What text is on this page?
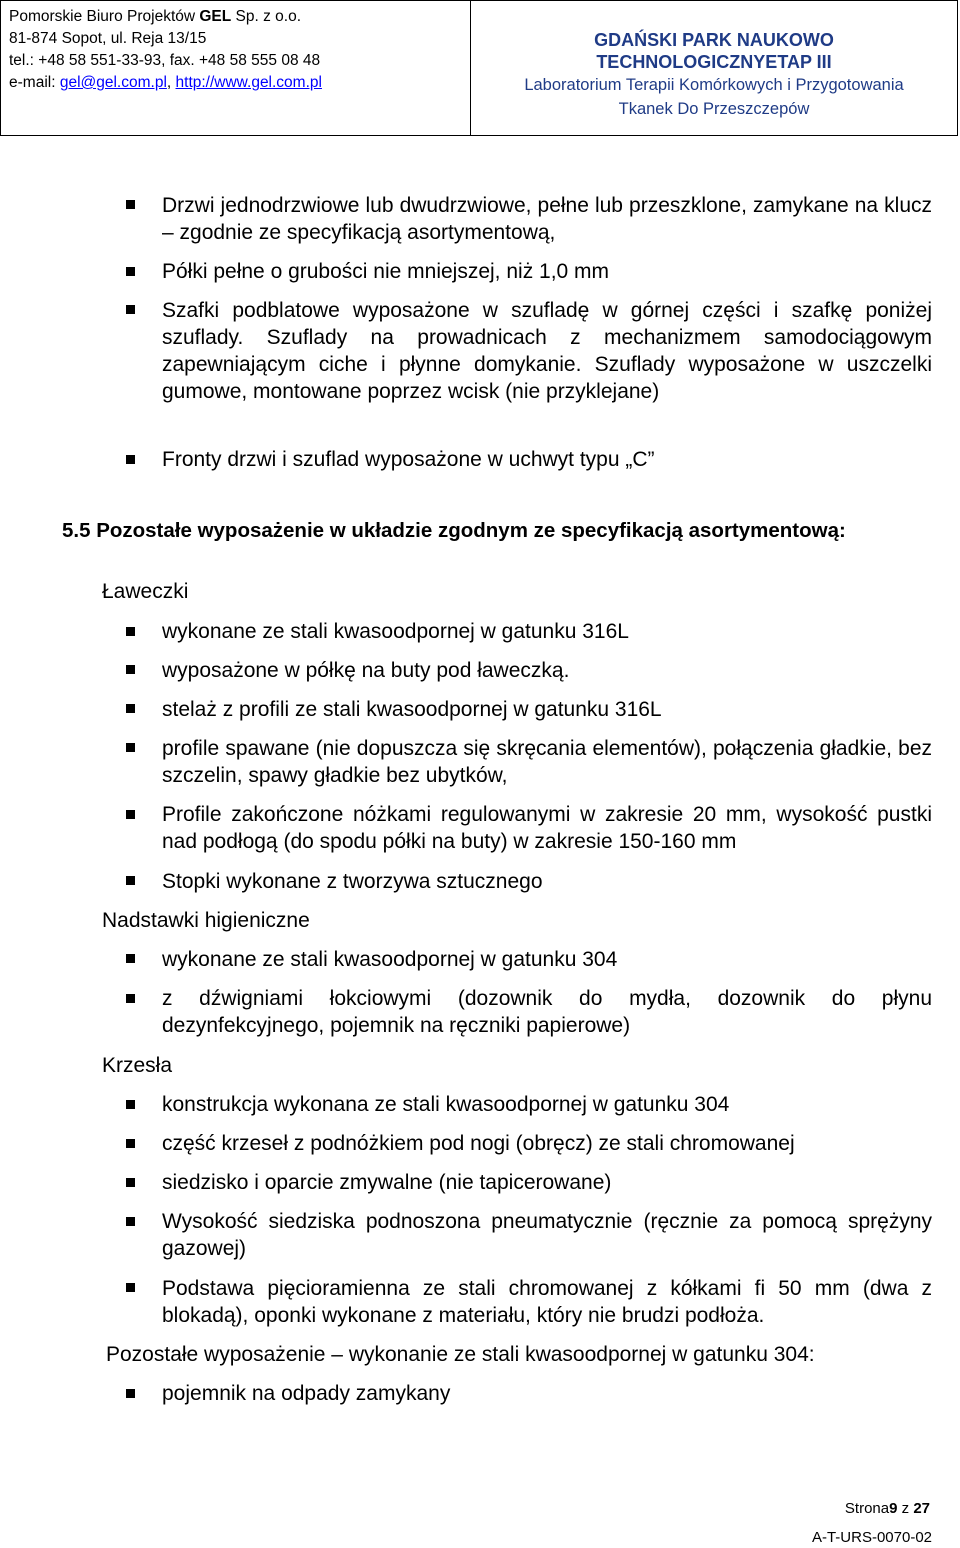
Pomorskie Biuro Projektów GEL Sp. z o.o.
81-874 Sopot, ul. Reja 13/15
tel.: +48 58 551-33-93, fax. +48 58 555 08 48
e-mail: gel@gel.com.pl, http://www.gel.com.pl
GDAŃSKI PARK NAUKOWO
TECHNOLOGICZNYETAP III
Laboratorium Terapii Komórkowych i Przygotowania
Tkanek Do Przeszczepów
Drzwi jednodrzwiowe lub dwudrzwiowe, pełne lub przeszklone, zamykane na klucz – zgodnie ze specyfikacją asortymentową,
Półki pełne o grubości nie mniejszej, niż 1,0 mm
Szafki podblatowe wyposażone w szufladę w górnej części i szafkę poniżej szuflady. Szuflady na prowadnicach z mechanizmem samodociągowym zapewniającym ciche i płynne domykanie. Szuflady wyposażone w uszczelki gumowe, montowane poprzez wcisk (nie przyklejane)
Fronty drzwi i szuflad wyposażone w uchwyt typu „C”
5.5 Pozostałe wyposażenie w układzie zgodnym ze specyfikacją asortymentową:
Ławeczki
wykonane ze stali kwasoodpornej w gatunku 316L
wyposażone w półkę na buty pod ławeczką.
stelaż z profili ze stali kwasoodpornej w gatunku 316L
profile spawane (nie dopuszcza się skręcania elementów), połączenia gładkie, bez szczelin, spawy gładkie bez ubytków,
Profile zakończone nóżkami regulowanymi w zakresie 20 mm, wysokość pustki nad podłogą (do spodu półki na buty) w zakresie 150-160 mm
Stopki wykonane z tworzywa sztucznego
Nadstawki higieniczne
wykonane ze stali kwasoodpornej w gatunku 304
z dźwigniami łokciowymi (dozownik do mydła, dozownik do płynu dezynfekcyjnego, pojemnik na ręczniki papierowe)
Krzesła
konstrukcja wykonana ze stali kwasoodpornej w gatunku 304
część krzeseł z podnóżkiem pod nogi (obręcz) ze stali chromowanej
siedzisko i oparcie zmywalne (nie tapicerowane)
Wysokość siedziska podnoszona pneumatycznie (ręcznie za pomocą sprężyny gazowej)
Podstawa pięcioramienna ze stali chromowanej z kółkami fi 50 mm (dwa z blokadą), oponki wykonane z materiału, który nie brudzi podłoża.
Pozostałe wyposażenie – wykonanie ze stali kwasoodpornej w gatunku 304:
pojemnik na odpady zamykany
Strona9 z 27
A-T-URS-0070-02
